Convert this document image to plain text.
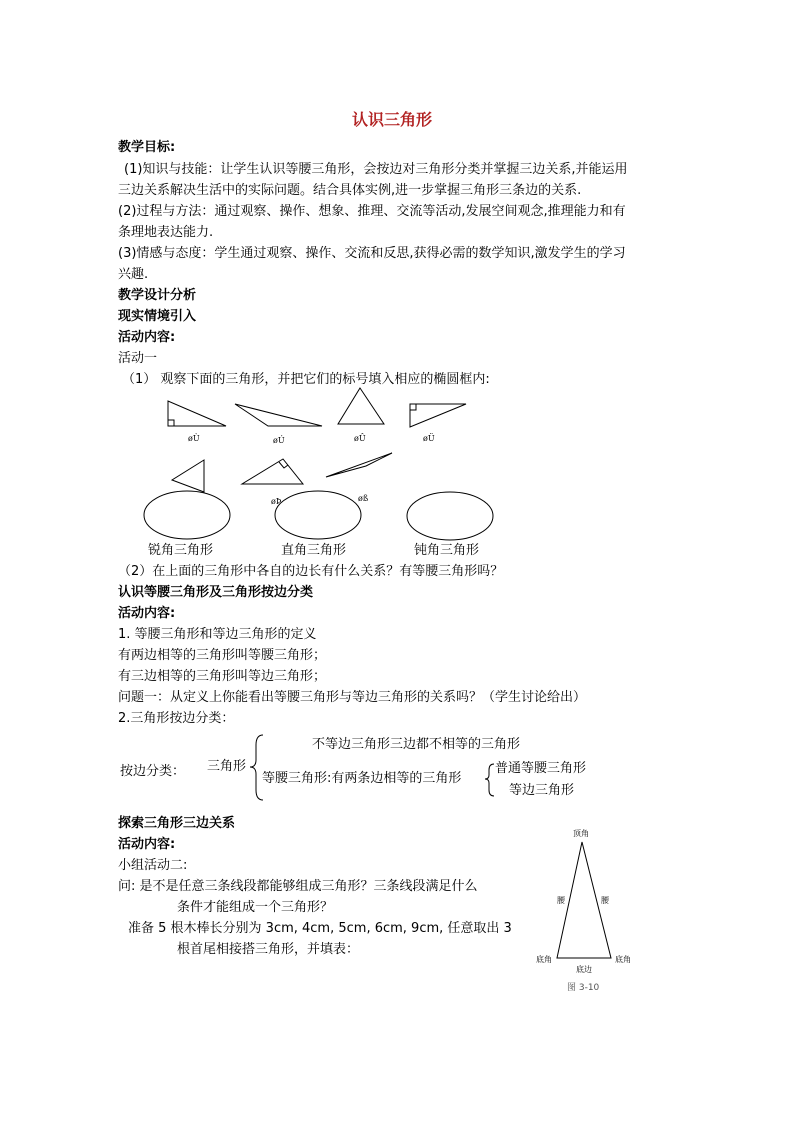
认识三角形
教学目标:
(1)知识与技能：让学生认识等腰三角形，会按边对三角形分类并掌握三边关系,并能运用
三边关系解决生活中的实际问题。结合具体实例,进一步掌握三角形三条边的关系.
(2)过程与方法：通过观察、操作、想象、推理、交流等活动,发展空间观念,推理能力和有
条理地表达能力.
(3)情感与态度：学生通过观察、操作、交流和反思,获得必需的数学知识,激发学生的学习
兴趣.
教学设计分析
现实情境引入
活动内容:
活动一
（1） 观察下面的三角形，并把它们的标号填入相应的椭圆框内:
øÙ	øÚ	øÛ	øÜ
øÞ	øß
锐角三角形	直角三角形	钝角三角形
（2）在上面的三角形中各自的边长有什么关系？有等腰三角形吗？
认识等腰三角形及三角形按边分类
活动内容:
1. 等腰三角形和等边三角形的定义
有两边相等的三角形叫等腰三角形；
有三边相等的三角形叫等边三角形；
问题一：从定义上你能看出等腰三角形与等边三角形的关系吗？（学生讨论给出）
2.三角形按边分类：
按边分类： 三角形
不等边三角形三边都不相等的三角形
等腰三角形:有两条边相等的三角形
普通等腰三角形
等边三角形
探索三角形三边关系
活动内容:
小组活动二:
问: 是不是任意三条线段都能够组成三角形？三条线段满足什么
条件才能组成一个三角形？
准备 5 根木棒长分别为 3cm, 4cm, 5cm, 6cm, 9cm, 任意取出 3
根首尾相接搭三角形，并填表：
顶角
腰	腰
底角
底边
底角
图 3-10
